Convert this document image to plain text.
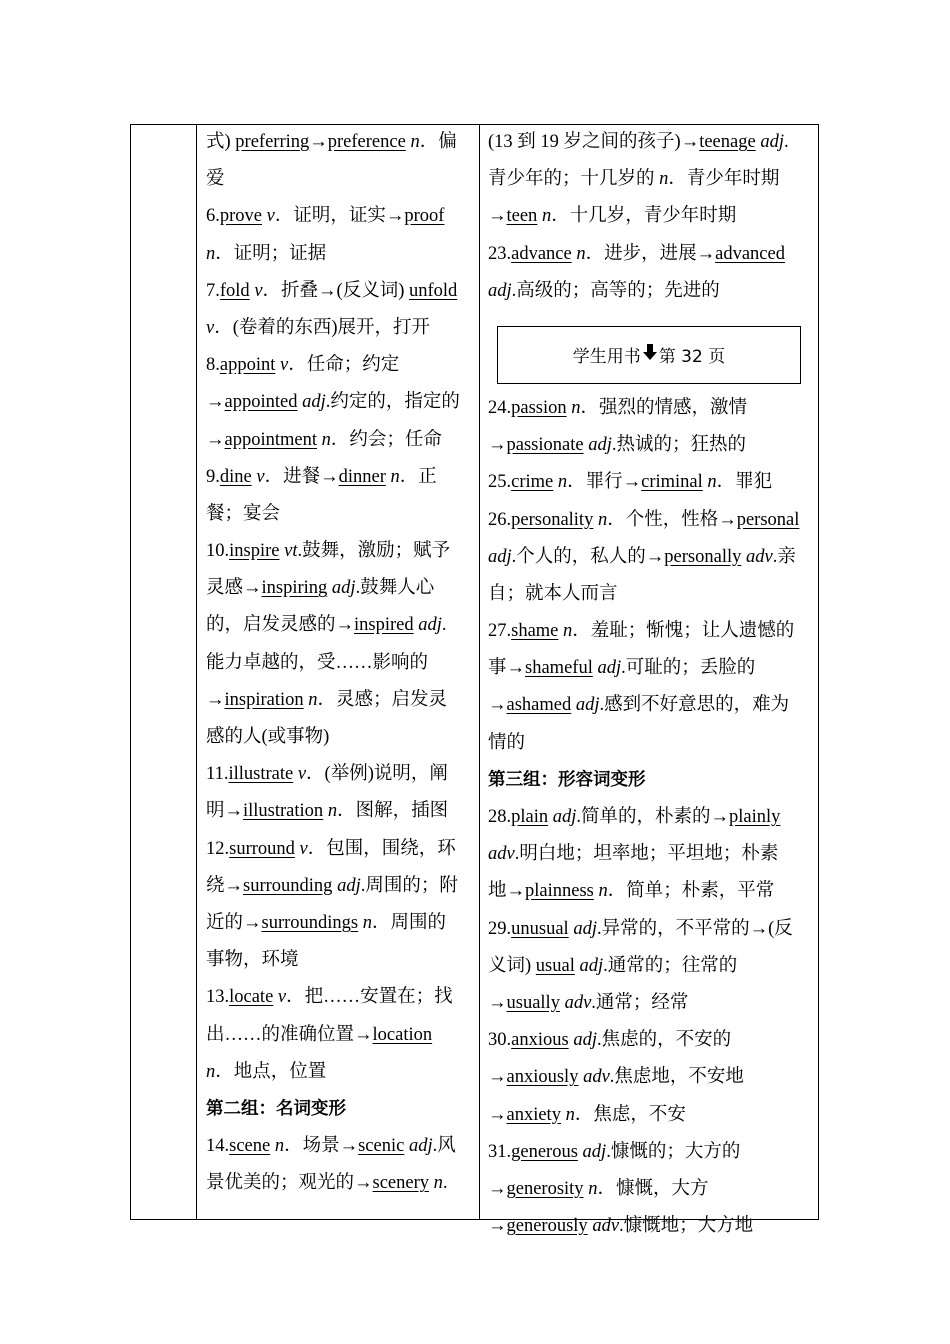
式) preferring→preference n．偏
爱
6.prove v．证明，证实→proof
n．证明；证据
7.fold v．折叠→(反义词) unfold
v．(卷着的东西)展开，打开
8.appoint v．任命；约定
→appointed adj.约定的，指定的
→appointment n．约会；任命
9.dine v．进餐→dinner n．正
餐；宴会
10.inspire vt.鼓舞，激励；赋予
灵感→inspiring adj.鼓舞人心
的，启发灵感的→inspired adj.
能力卓越的，受……影响的
→inspiration n．灵感；启发灵
感的人(或事物)
11.illustrate v．(举例)说明，阐
明→illustration n．图解，插图
12.surround v．包围，围绕，环
绕→surrounding adj.周围的；附
近的→surroundings n．周围的
事物，环境
13.locate v．把……安置在；找
出……的准确位置→location
n．地点，位置
第二组：名词变形
14.scene n．场景→scenic adj.风
景优美的；观光的→scenery n.
(13 到 19 岁之间的孩子)→teenage adj.
青少年的；十几岁的 n．青少年时期
→teen n．十几岁，青少年时期
23.advance n．进步，进展→advanced
adj.高级的；高等的；先进的
学生用书 第 32 页
24.passion n．强烈的情感，激情
→passionate adj.热诚的；狂热的
25.crime n．罪行→criminal n．罪犯
26.personality n．个性，性格→personal
adj.个人的，私人的→personally adv.亲
自；就本人而言
27.shame n．羞耻；惭愧；让人遗憾的
事→shameful adj.可耻的；丢脸的
→ashamed adj.感到不好意思的，难为
情的
第三组：形容词变形
28.plain adj.简单的，朴素的→plainly
adv.明白地；坦率地；平坦地；朴素
地→plainness n．简单；朴素，平常
29.unusual adj.异常的，不平常的→(反
义词) usual adj.通常的；往常的
→usually adv.通常；经常
30.anxious adj.焦虑的，不安的
→anxiously adv.焦虑地，不安地
→anxiety n．焦虑，不安
31.generous adj.慷慨的；大方的
→generosity n．慷慨，大方
→generously adv.慷慨地；大方地
